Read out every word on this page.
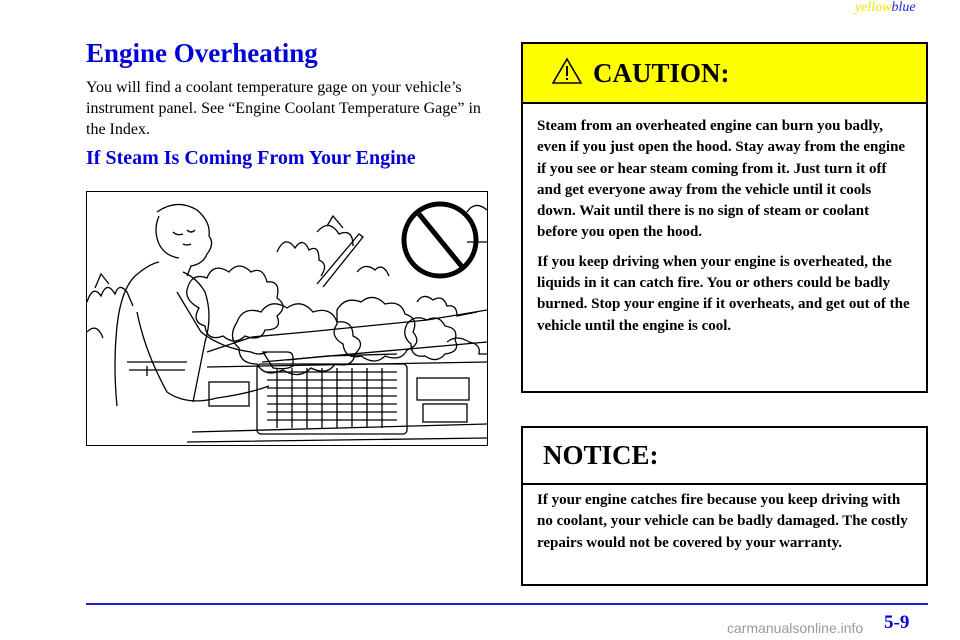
yellowblue
Engine Overheating

You will find a coolant temperature gage on your vehicle’s instrument panel. See “Engine Coolant Temperature Gage” in the Index.

If Steam Is Coming From Your Engine
CAUTION:

Steam from an overheated engine can burn you badly, even if you just open the hood. Stay away from the engine if you see or hear steam coming from it. Just turn it off and get everyone away from the vehicle until it cools down. Wait until there is no sign of steam or coolant before you open the hood.

If you keep driving when your engine is overheated, the liquids in it can catch fire. You or others could be badly burned. Stop your engine if it overheats, and get out of the vehicle until the engine is cool.

NOTICE:

If your engine catches fire because you keep driving with no coolant, your vehicle can be badly damaged. The costly repairs would not be covered by your warranty.

5-9
carmanualsonline.info
